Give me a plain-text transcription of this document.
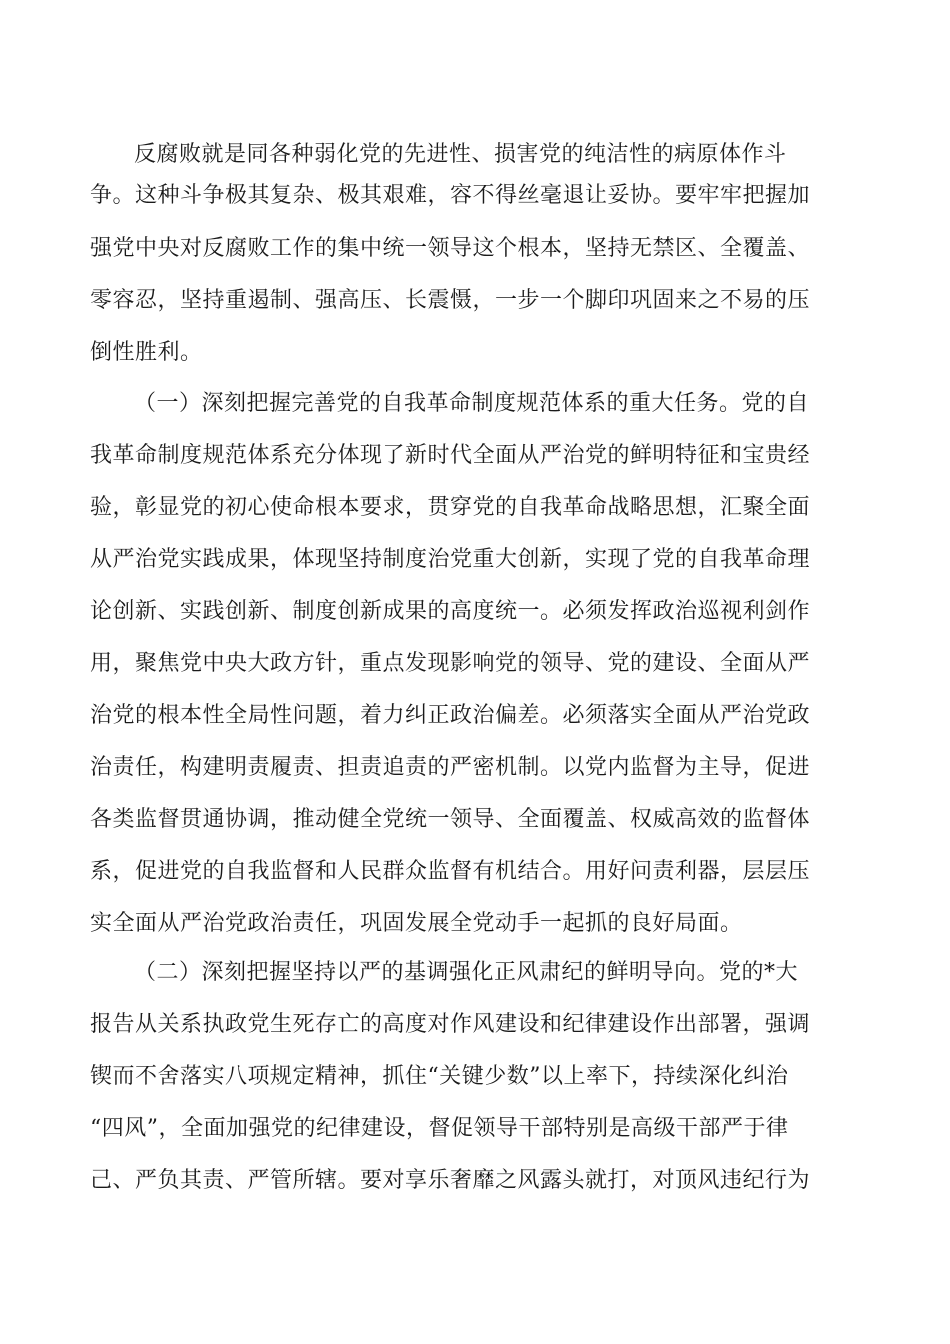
反腐败就是同各种弱化党的先进性、损害党的纯洁性的病原体作斗
争。这种斗争极其复杂、极其艰难，容不得丝毫退让妥协。要牢牢把握加
强党中央对反腐败工作的集中统一领导这个根本，坚持无禁区、全覆盖、
零容忍，坚持重遏制、强高压、长震慑，一步一个脚印巩固来之不易的压
倒性胜利。
（一）深刻把握完善党的自我革命制度规范体系的重大任务。党的自
我革命制度规范体系充分体现了新时代全面从严治党的鲜明特征和宝贵经
验，彰显党的初心使命根本要求，贯穿党的自我革命战略思想，汇聚全面
从严治党实践成果，体现坚持制度治党重大创新，实现了党的自我革命理
论创新、实践创新、制度创新成果的高度统一。必须发挥政治巡视利剑作
用，聚焦党中央大政方针，重点发现影响党的领导、党的建设、全面从严
治党的根本性全局性问题，着力纠正政治偏差。必须落实全面从严治党政
治责任，构建明责履责、担责追责的严密机制。以党内监督为主导，促进
各类监督贯通协调，推动健全党统一领导、全面覆盖、权威高效的监督体
系，促进党的自我监督和人民群众监督有机结合。用好问责利器，层层压
实全面从严治党政治责任，巩固发展全党动手一起抓的良好局面。
（二）深刻把握坚持以严的基调强化正风肃纪的鲜明导向。党的*大
报告从关系执政党生死存亡的高度对作风建设和纪律建设作出部署，强调
锲而不舍落实八项规定精神，抓住“关键少数”以上率下，持续深化纠治
“四风”，全面加强党的纪律建设，督促领导干部特别是高级干部严于律
己、严负其责、严管所辖。要对享乐奢靡之风露头就打，对顶风违纪行为
